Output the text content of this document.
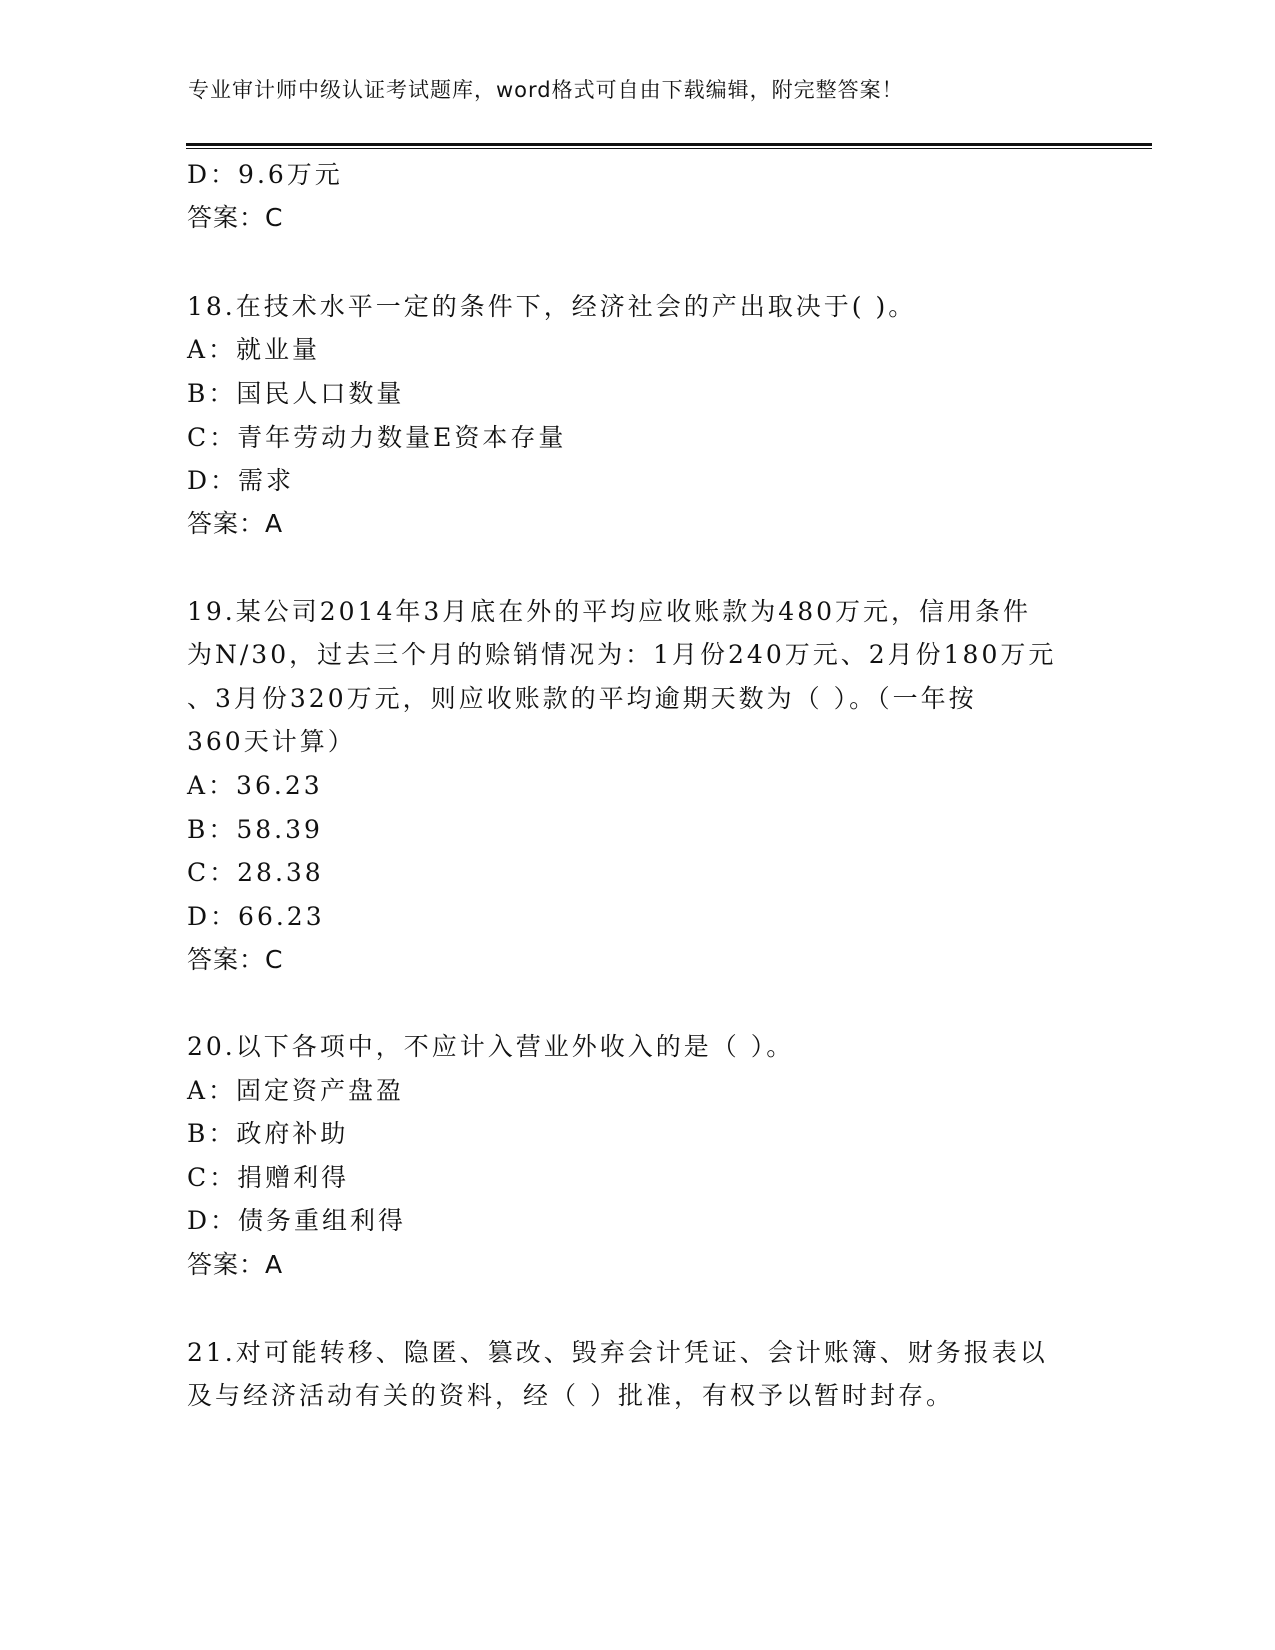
专业审计师中级认证考试题库，word格式可自由下载编辑，附完整答案！
D：9.6万元
答案：C
18.在技术水平一定的条件下，经济社会的产出取决于( )。
A：就业量
B：国民人口数量
C：青年劳动力数量E资本存量
D：需求
答案：A
19.某公司2014年3月底在外的平均应收账款为480万元，信用条件
为N/30，过去三个月的赊销情况为：1月份240万元、2月份180万元
、3月份320万元，则应收账款的平均逾期天数为（ ）。（一年按
360天计算）
A：36.23
B：58.39
C：28.38
D：66.23
答案：C
20.以下各项中，不应计入营业外收入的是（ ）。
A：固定资产盘盈
B：政府补助
C：捐赠利得
D：债务重组利得
答案：A
21.对可能转移、隐匿、篡改、毁弃会计凭证、会计账簿、财务报表以
及与经济活动有关的资料，经（ ）批准，有权予以暂时封存。
